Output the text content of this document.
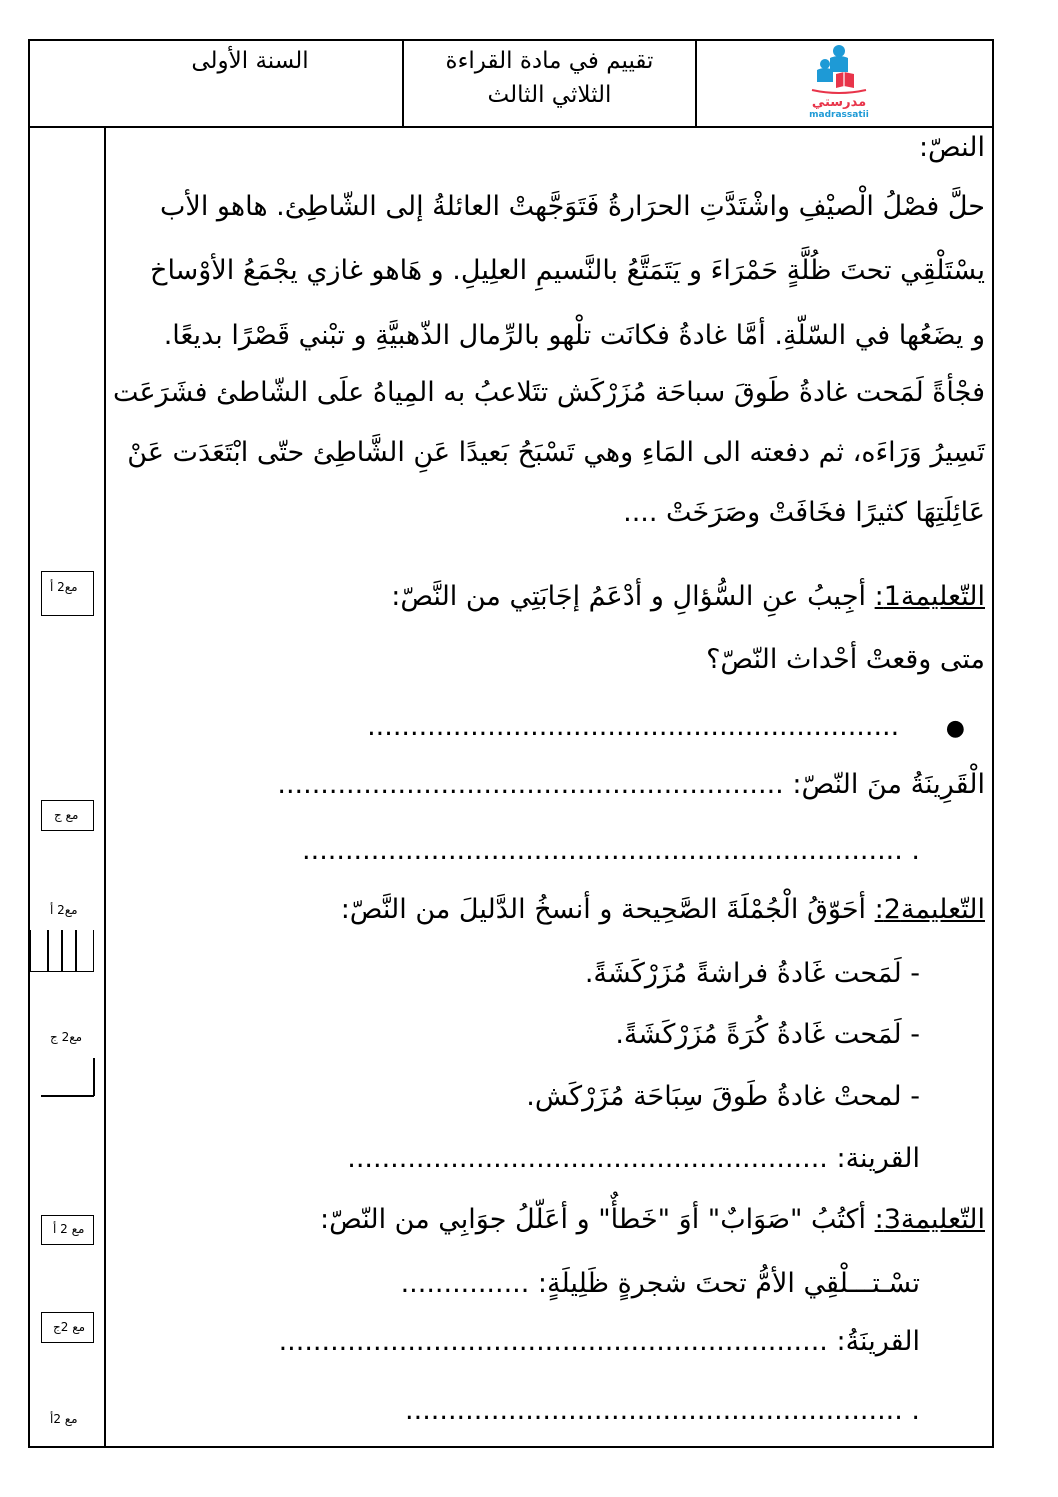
السنة الأولى	تقييم في مادة القراءة
الثلاثي الثالث	مدرستي
madrassatii
مع2 أ
مع ج
مع2 أ
مع2 ج
مع 2 أ
مع 2ج
مع 2أ
النصّ:
حلَّ فصْلُ الْصيْفِ واشْتَدَّتِ الحرَارةُ فَتَوَجَّهتْ العائلةُ إلى الشّاطِئ. هاهو الأب
يسْتَلْقِي تحتَ ظُلَّةٍ حَمْرَاءَ و يَتَمَتَّعُ بالنَّسيمِ العلِيلِ. و هَاهو غازي يجْمَعُ الأوْساخ
و يضَعُها في السّلّةِ. أمَّا غادةُ فكانَت تلْهو بالرِّمال الذّهبيَّةِ و تبْني قَصْرًا بديعًا.
فجْأةً لَمَحت غادةُ طَوقَ سباحَة مُزَرْكَش تتَلاعبُ به المِياهُ علَى الشّاطئ فشَرَعَت
تَسِيرُ وَرَاءَه، ثم دفعته الى المَاءِ وهي تَسْبَحُ بَعيدًا عَنِ الشَّاطِئ حتّى ابْتَعَدَت عَنْ
عَائِلَتِهَا كثيرًا فخَافَتْ وصَرَخَتْ ....
التّعليمة1: أجِيبُ عنِ السُّؤالِ و أدْعَمُ إجَابَتِي من النَّصّ:
متى وقعتْ أحْداث النّصّ؟
● ..............................................................
الْقَرِينَةُ منَ النّصّ: ...........................................................
. ......................................................................
التّعليمة2: أحَوّقُ الْجُمْلَةَ الصَّحِيحة و أنسخُ الدَّليلَ من النَّصّ:
- لَمَحت غَادةُ فراشةً مُزَرْكَشَةً.
- لَمَحت غَادةُ كُرَةً مُزَرْكَشَةً.
- لمحتْ غادةُ طَوقَ سِبَاحَة مُزَرْكَش.
القرينة: ........................................................
التّعليمة3: أكتُبُ "صَوَابٌ" أوَ "خَطأٌ" و أعَلّلُ جوَابِي من النّصّ:
تسْـتـــلْقِي الأمُّ تحتَ شجرةٍ ظَلِيلَةٍ: ...............
القرينَةُ: ................................................................
. ..........................................................
